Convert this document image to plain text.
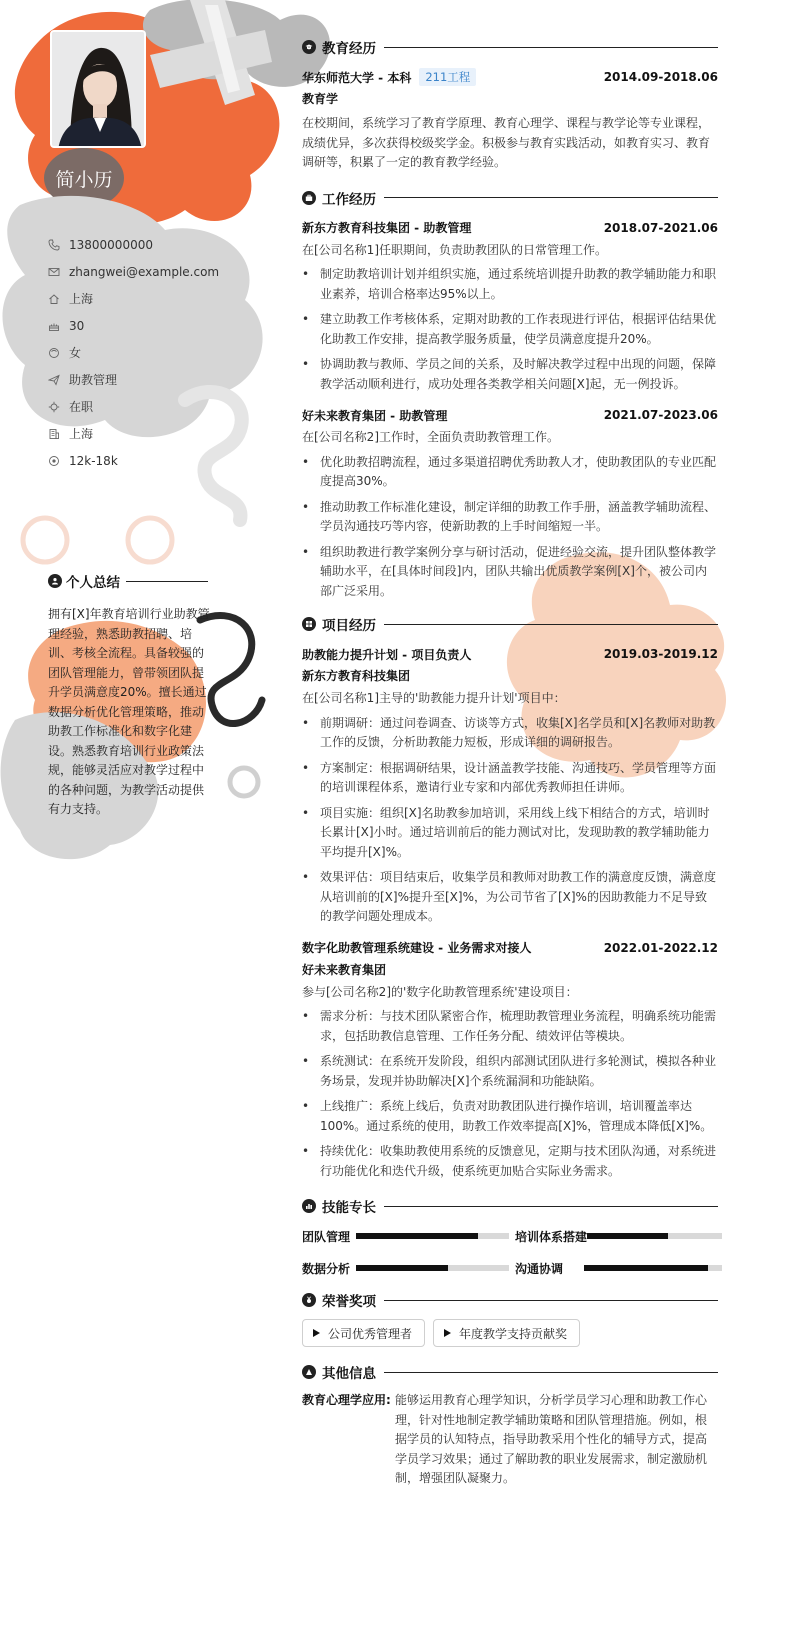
简小历
13800000000
zhangwei@example.com
上海
30
女
助教管理
在职
上海
12k-18k
个人总结
拥有[X]年教育培训行业助教管理经验，熟悉助教招聘、培训、考核全流程。具备较强的团队管理能力，曾带领团队提升学员满意度20%。擅长通过数据分析优化管理策略，推动助教工作标准化和数字化建设。熟悉教育培训行业政策法规，能够灵活应对教学过程中的各种问题，为教学活动提供有力支持。
教育经历
华东师范大学 - 本科	211工程	2014.09-2018.06
教育学
在校期间，系统学习了教育学原理、教育心理学、课程与教学论等专业课程，成绩优异，多次获得校级奖学金。积极参与教育实践活动，如教育实习、教育调研等，积累了一定的教育教学经验。
工作经历
新东方教育科技集团 - 助教管理	2018.07-2021.06
在[公司名称1]任职期间，负责助教团队的日常管理工作。
• 制定助教培训计划并组织实施，通过系统培训提升助教的教学辅助能力和职业素养，培训合格率达95%以上。
• 建立助教工作考核体系，定期对助教的工作表现进行评估，根据评估结果优化助教工作安排，提高教学服务质量，使学员满意度提升20%。
• 协调助教与教师、学员之间的关系，及时解决教学过程中出现的问题，保障教学活动顺利进行，成功处理各类教学相关问题[X]起，无一例投诉。
好未来教育集团 - 助教管理	2021.07-2023.06
在[公司名称2]工作时，全面负责助教管理工作。
• 优化助教招聘流程，通过多渠道招聘优秀助教人才，使助教团队的专业匹配度提高30%。
• 推动助教工作标准化建设，制定详细的助教工作手册，涵盖教学辅助流程、学员沟通技巧等内容，使新助教的上手时间缩短一半。
• 组织助教进行教学案例分享与研讨活动，促进经验交流，提升团队整体教学辅助水平，在[具体时间段]内，团队共输出优质教学案例[X]个，被公司内部广泛采用。
项目经历
助教能力提升计划 - 项目负责人	2019.03-2019.12
新东方教育科技集团
在[公司名称1]主导的'助教能力提升计划'项目中：
• 前期调研：通过问卷调查、访谈等方式，收集[X]名学员和[X]名教师对助教工作的反馈，分析助教能力短板，形成详细的调研报告。
• 方案制定：根据调研结果，设计涵盖教学技能、沟通技巧、学员管理等方面的培训课程体系，邀请行业专家和内部优秀教师担任讲师。
• 项目实施：组织[X]名助教参加培训，采用线上线下相结合的方式，培训时长累计[X]小时。通过培训前后的能力测试对比，发现助教的教学辅助能力平均提升[X]%。
• 效果评估：项目结束后，收集学员和教师对助教工作的满意度反馈，满意度从培训前的[X]%提升至[X]%，为公司节省了[X]%的因助教能力不足导致的教学问题处理成本。
数字化助教管理系统建设 - 业务需求对接人	2022.01-2022.12
好未来教育集团
参与[公司名称2]的'数字化助教管理系统'建设项目：
• 需求分析：与技术团队紧密合作，梳理助教管理业务流程，明确系统功能需求，包括助教信息管理、工作任务分配、绩效评估等模块。
• 系统测试：在系统开发阶段，组织内部测试团队进行多轮测试，模拟各种业务场景，发现并协助解决[X]个系统漏洞和功能缺陷。
• 上线推广：系统上线后，负责对助教团队进行操作培训，培训覆盖率达100%。通过系统的使用，助教工作效率提高[X]%，管理成本降低[X]%。
• 持续优化：收集助教使用系统的反馈意见，定期与技术团队沟通，对系统进行功能优化和迭代升级，使系统更加贴合实际业务需求。
技能专长
团队管理	培训体系搭建
数据分析	沟通协调
荣誉奖项
公司优秀管理者	年度教学支持贡献奖
其他信息
教育心理学应用: 能够运用教育心理学知识，分析学员学习心理和助教工作心理，针对性地制定教学辅助策略和团队管理措施。例如，根据学员的认知特点，指导助教采用个性化的辅导方式，提高学员学习效果；通过了解助教的职业发展需求，制定激励机制，增强团队凝聚力。
